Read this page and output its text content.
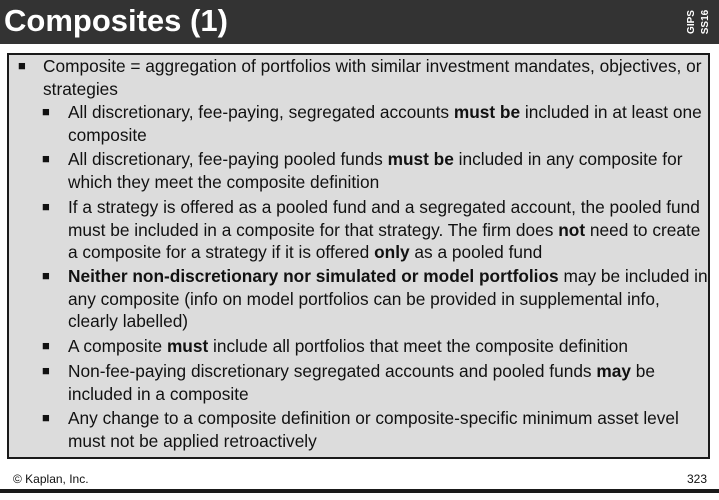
Composites (1)	GIPS SS16
■ Composite = aggregation of portfolios with similar investment mandates, objectives, or strategies
■ All discretionary, fee-paying, segregated accounts must be included in at least one composite
■ All discretionary, fee-paying pooled funds must be included in any composite for which they meet the composite definition
■ If a strategy is offered as a pooled fund and a segregated account, the pooled fund must be included in a composite for that strategy. The firm does not need to create a composite for a strategy if it is offered only as a pooled fund
■ Neither non-discretionary nor simulated or model portfolios may be included in any composite (info on model portfolios can be provided in supplemental info, clearly labelled)
■ A composite must include all portfolios that meet the composite definition
■ Non-fee-paying discretionary segregated accounts and pooled funds may be included in a composite
■ Any change to a composite definition or composite-specific minimum asset level must not be applied retroactively
© Kaplan, Inc.	323
